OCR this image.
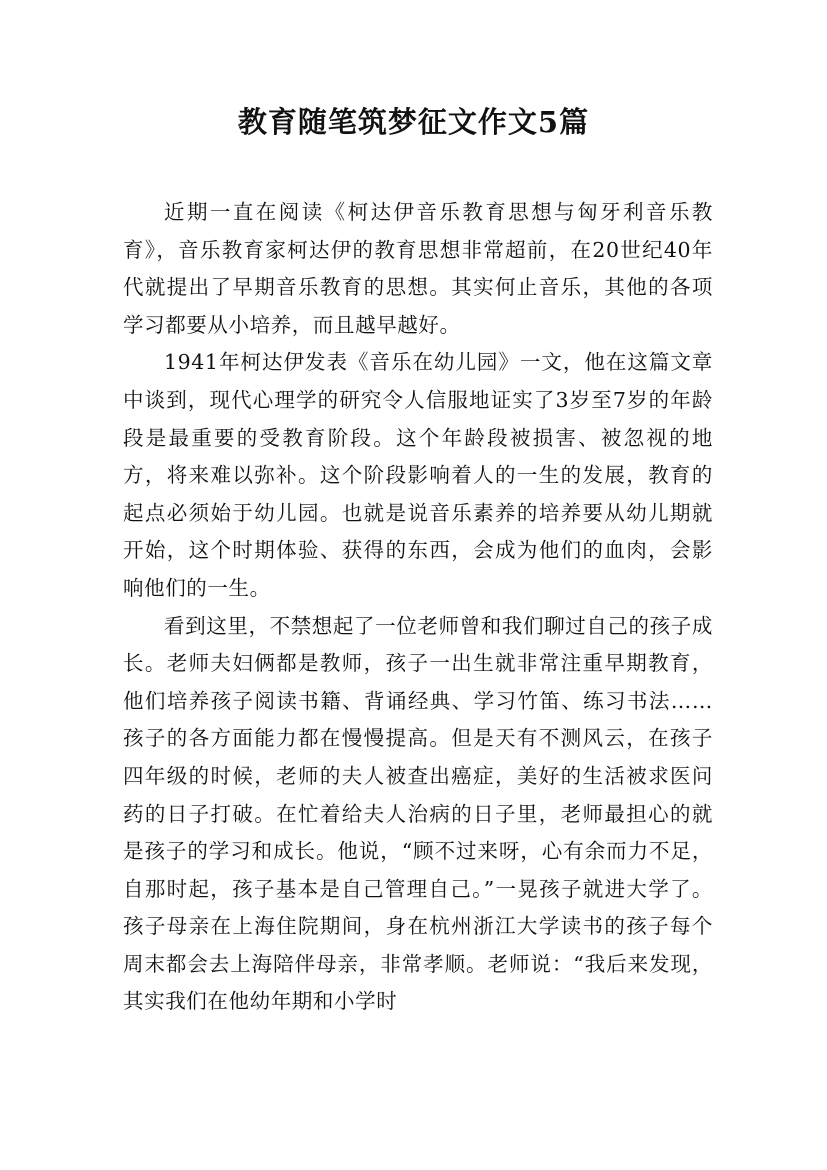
教育随笔筑梦征文作文5篇

近期一直在阅读《柯达伊音乐教育思想与匈牙利音乐教育》，音乐教育家柯达伊的教育思想非常超前，在20世纪40年代就提出了早期音乐教育的思想。其实何止音乐，其他的各项学习都要从小培养，而且越早越好。

1941年柯达伊发表《音乐在幼儿园》一文，他在这篇文章中谈到，现代心理学的研究令人信服地证实了3岁至7岁的年龄段是最重要的受教育阶段。这个年龄段被损害、被忽视的地方，将来难以弥补。这个阶段影响着人的一生的发展，教育的起点必须始于幼儿园。也就是说音乐素养的培养要从幼儿期就开始，这个时期体验、获得的东西，会成为他们的血肉，会影响他们的一生。

看到这里，不禁想起了一位老师曾和我们聊过自己的孩子成长。老师夫妇俩都是教师，孩子一出生就非常注重早期教育，他们培养孩子阅读书籍、背诵经典、学习竹笛、练习书法……孩子的各方面能力都在慢慢提高。但是天有不测风云，在孩子四年级的时候，老师的夫人被查出癌症，美好的生活被求医问药的日子打破。在忙着给夫人治病的日子里，老师最担心的就是孩子的学习和成长。他说，“顾不过来呀，心有余而力不足，自那时起，孩子基本是自己管理自己。”一晃孩子就进大学了。孩子母亲在上海住院期间，身在杭州浙江大学读书的孩子每个周末都会去上海陪伴母亲，非常孝顺。老师说：“我后来发现，其实我们在他幼年期和小学时
